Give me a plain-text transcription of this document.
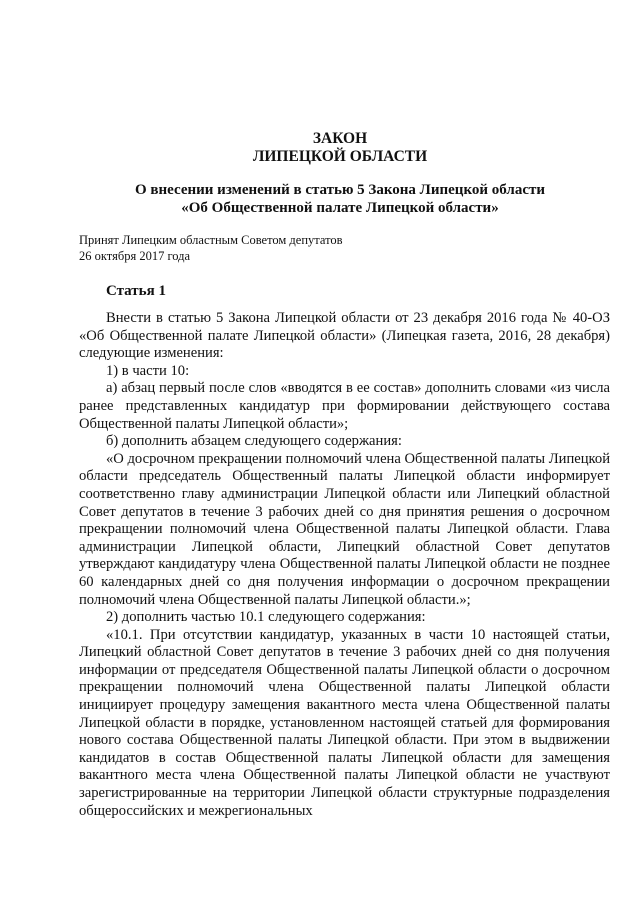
ЗАКОН
ЛИПЕЦКОЙ ОБЛАСТИ
О внесении изменений в статью 5 Закона Липецкой области
«Об Общественной палате Липецкой области»
Принят Липецким областным Советом депутатов
26 октября 2017 года
Статья 1

Внести в статью 5 Закона Липецкой области от 23 декабря 2016 года № 40-ОЗ «Об Общественной палате Липецкой области» (Липецкая газета, 2016, 28 декабря) следующие изменения:

1) в части 10:

а) абзац первый после слов «вводятся в ее состав» дополнить словами «из числа ранее представленных кандидатур при формировании действующего состава Общественной палаты Липецкой области»;

б) дополнить абзацем следующего содержания:

«О досрочном прекращении полномочий члена Общественной палаты Липецкой области председатель Общественный палаты Липецкой области информирует соответственно главу администрации Липецкой области или Липецкий областной Совет депутатов в течение 3 рабочих дней со дня принятия решения о досрочном прекращении полномочий члена Общественной палаты Липецкой области. Глава администрации Липецкой области, Липецкий областной Совет депутатов утверждают кандидатуру члена Общественной палаты Липецкой области не позднее 60 календарных дней со дня получения информации о досрочном прекращении полномочий члена Общественной палаты Липецкой области.»;

2) дополнить частью 10.1 следующего содержания:

«10.1. При отсутствии кандидатур, указанных в части 10 настоящей статьи, Липецкий областной Совет депутатов в течение 3 рабочих дней со дня получения информации от председателя Общественной палаты Липецкой области о досрочном прекращении полномочий члена Общественной палаты Липецкой области инициирует процедуру замещения вакантного места члена Общественной палаты Липецкой области в порядке, установленном настоящей статьей для формирования нового состава Общественной палаты Липецкой области. При этом в выдвижении кандидатов в состав Общественной палаты Липецкой области для замещения вакантного места члена Общественной палаты Липецкой области не участвуют зарегистрированные на территории Липецкой области структурные подразделения общероссийских и межрегиональных
